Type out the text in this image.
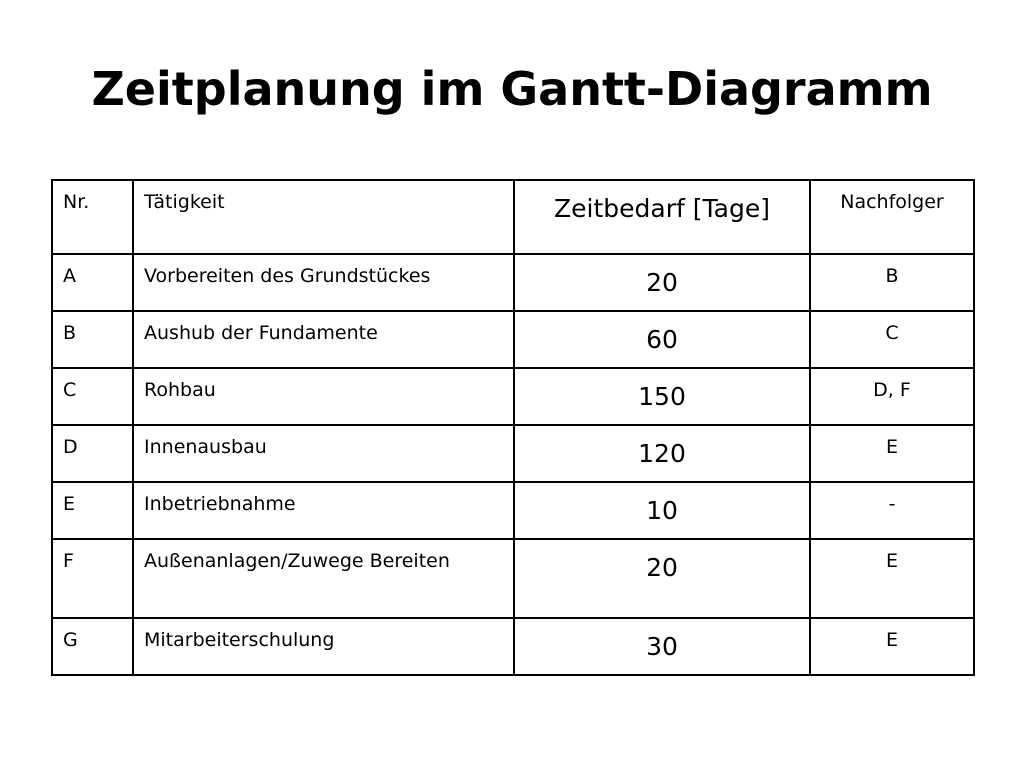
Zeitplanung im Gantt-Diagramm
Nr.	Tätigkeit	Zeitbedarf [Tage]	Nachfolger
A	Vorbereiten des Grundstückes	20	B
B	Aushub der Fundamente	60	C
C	Rohbau	150	D, F
D	Innenausbau	120	E
E	Inbetriebnahme	10	-
F	Außenanlagen/Zuwege Bereiten	20	E
G	Mitarbeiterschulung	30	E
